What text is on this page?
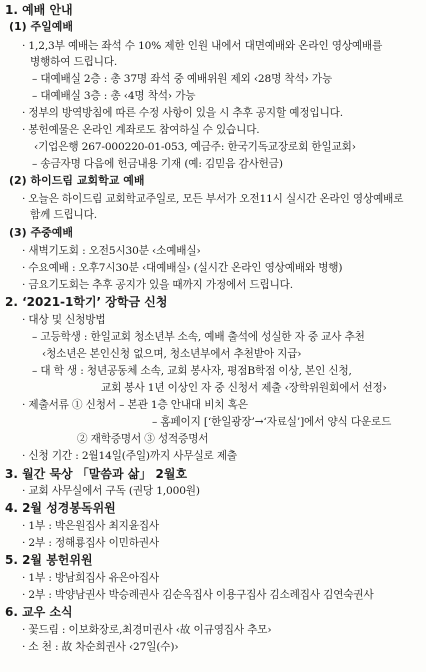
1. 예배 안내
(1) 주일예배
· 1,2,3부 예배는 좌석 수 10% 제한 인원 내에서 대면예배와 온라인 영상예배를
병행하여 드립니다.
– 대예배실 2층 : 총 37명 좌석 중 예배위원 제외 ‹28명 착석› 가능
– 대예배실 3층 : 총 ‹4명 착석› 가능
· 정부의 방역방침에 따른 수정 사항이 있을 시 추후 공지할 예정입니다.
· 봉헌예물은 온라인 계좌로도 참여하실 수 있습니다.
‹기업은행 267-000220-01-053, 예금주: 한국기독교장로회 한일교회›
– 송금자명 다음에 헌금내용 기재 (예: 김믿음 감사헌금)
(2) 하이드림 교회학교 예배
· 오늘은 하이드림 교회학교주일로, 모든 부서가 오전11시 실시간 온라인 영상예배로
함께 드립니다.
(3) 주중예배
· 새벽기도회 : 오전5시30분 ‹소예배실›
· 수요예배 : 오후7시30분 ‹대예배실› (실시간 온라인 영상예배와 병행)
· 금요기도회는 추후 공지가 있을 때까지 가정에서 드립니다.
2. ‘2021-1학기’ 장학금 신청
· 대상 및 신청방법
– 고등학생 : 한일교회 청소년부 소속, 예배 출석에 성실한 자 중 교사 추천
‹청소년은 본인신청 없으며, 청소년부에서 추천받아 지급›
– 대 학 생 : 청년공동체 소속, 교회 봉사자, 평점B학점 이상, 본인 신청,
교회 봉사 1년 이상인 자 중 신청서 제출 ‹장학위원회에서 선정›
· 제출서류 ① 신청서 – 본관 1층 안내대 비치 혹은
– 홈페이지 [‘한일광장’→‘자료실’]에서 양식 다운로드
② 재학증명서 ③ 성적증명서
· 신청 기간 : 2월14일(주일)까지 사무실로 제출
3. 월간 묵상 「말씀과 삶」 2월호
· 교회 사무실에서 구독 (권당 1,000원)
4. 2월 성경봉독위원
· 1부 : 박은원집사 최지윤집사
· 2부 : 정해룡집사 이민하권사
5. 2월 봉헌위원
· 1부 : 방남희집사 유은아집사
· 2부 : 박양남권사 박승례권사 김순옥집사 이용구집사 김소례집사 김연숙권사
6. 교우 소식
· 꽃드림 : 이보화장로,최경미권사 ‹故 이규영집사 추모›
· 소 천 : 故 차순희권사 ‹27일(수)›
